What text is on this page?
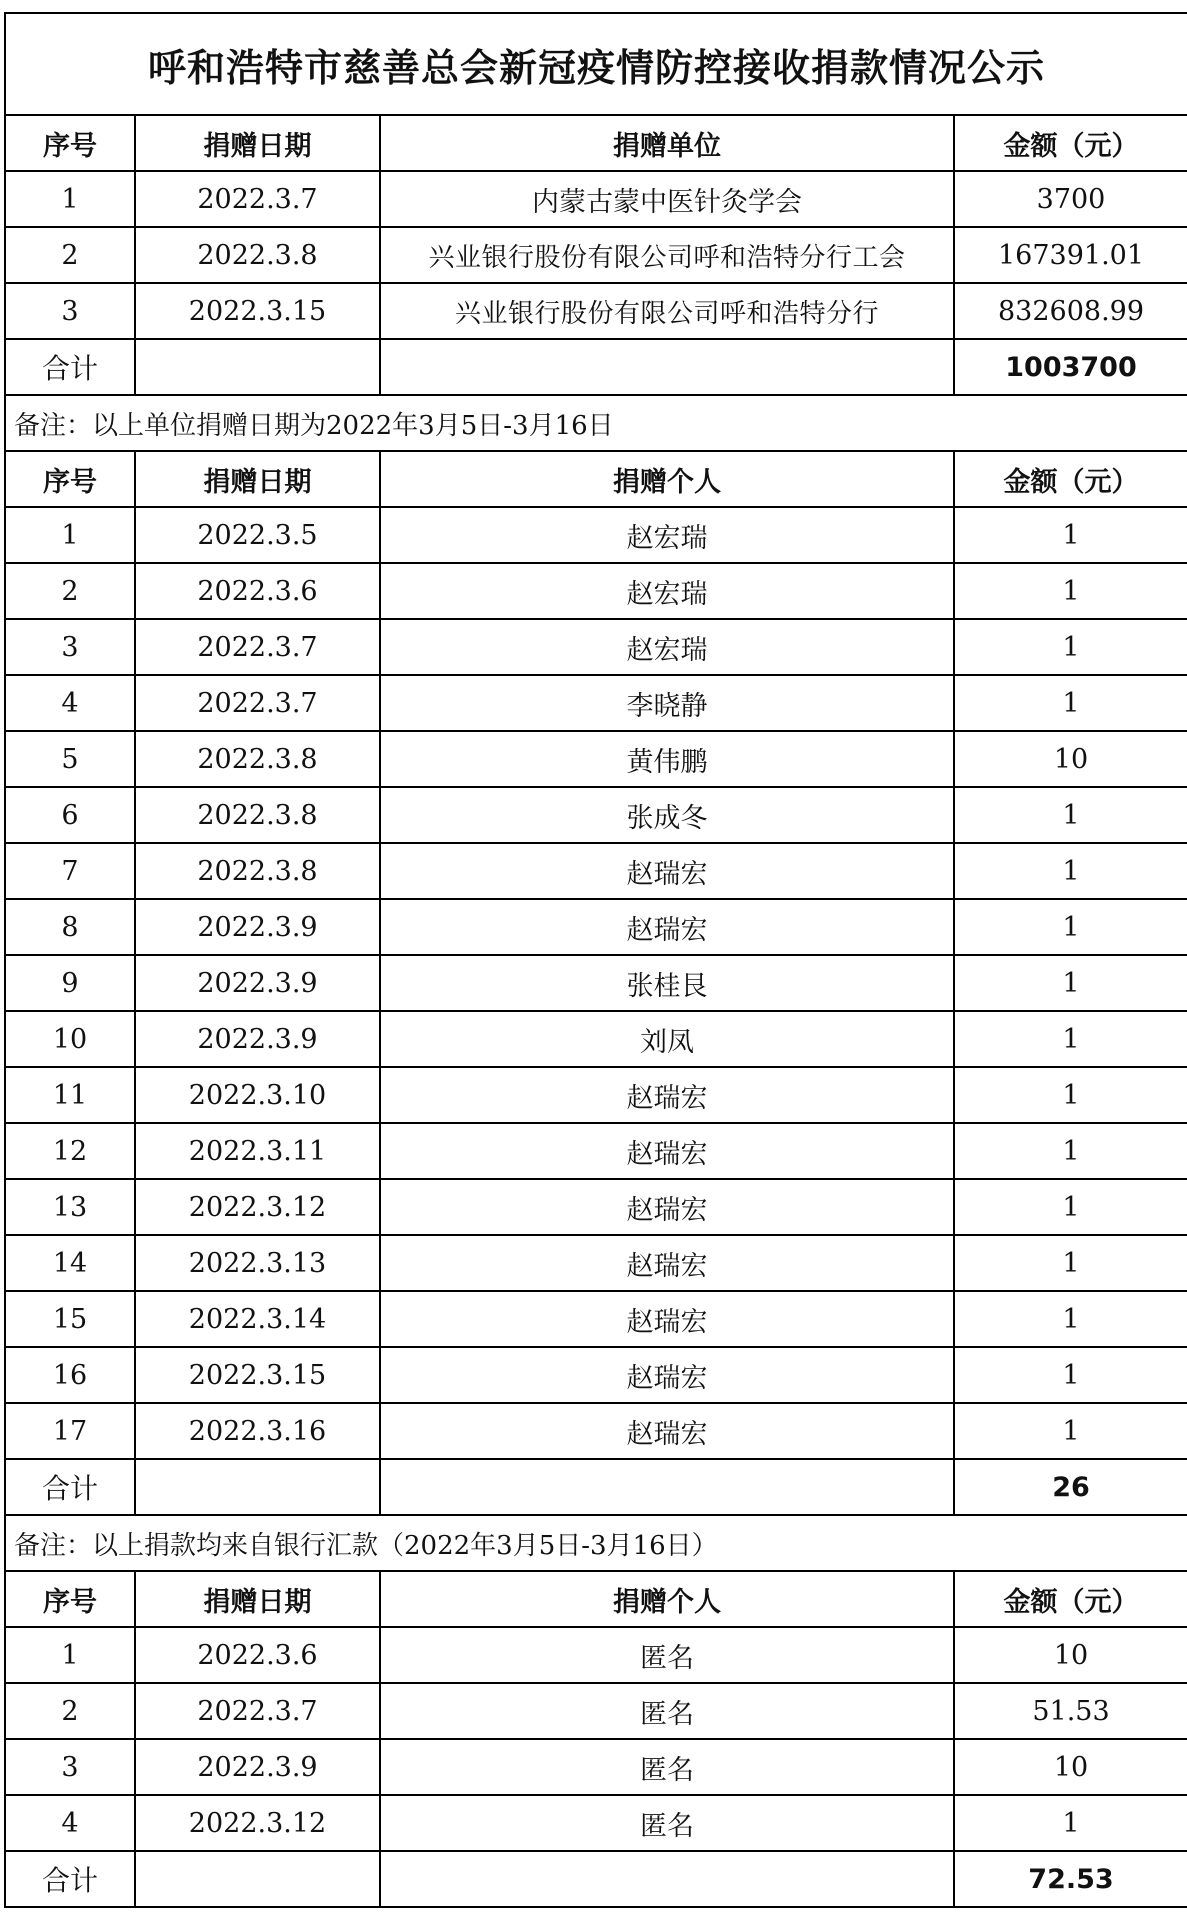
呼和浩特市慈善总会新冠疫情防控接收捐款情况公示			
序号	捐赠日期	捐赠单位	金额（元）
1	2022.3.7	内蒙古蒙中医针灸学会	3700
2	2022.3.8	兴业银行股份有限公司呼和浩特分行工会	167391.01
3	2022.3.15	兴业银行股份有限公司呼和浩特分行	832608.99
合计			1003700
备注：以上单位捐赠日期为2022年3月5日-3月16日			
序号	捐赠日期	捐赠个人	金额（元）
1	2022.3.5	赵宏瑞	1
2	2022.3.6	赵宏瑞	1
3	2022.3.7	赵宏瑞	1
4	2022.3.7	李晓静	1
5	2022.3.8	黄伟鹏	10
6	2022.3.8	张成冬	1
7	2022.3.8	赵瑞宏	1
8	2022.3.9	赵瑞宏	1
9	2022.3.9	张桂艮	1
10	2022.3.9	刘凤	1
11	2022.3.10	赵瑞宏	1
12	2022.3.11	赵瑞宏	1
13	2022.3.12	赵瑞宏	1
14	2022.3.13	赵瑞宏	1
15	2022.3.14	赵瑞宏	1
16	2022.3.15	赵瑞宏	1
17	2022.3.16	赵瑞宏	1
合计			26
备注：以上捐款均来自银行汇款（2022年3月5日-3月16日）			
序号	捐赠日期	捐赠个人	金额（元）
1	2022.3.6	匿名	10
2	2022.3.7	匿名	51.53
3	2022.3.9	匿名	10
4	2022.3.12	匿名	1
合计			72.53
